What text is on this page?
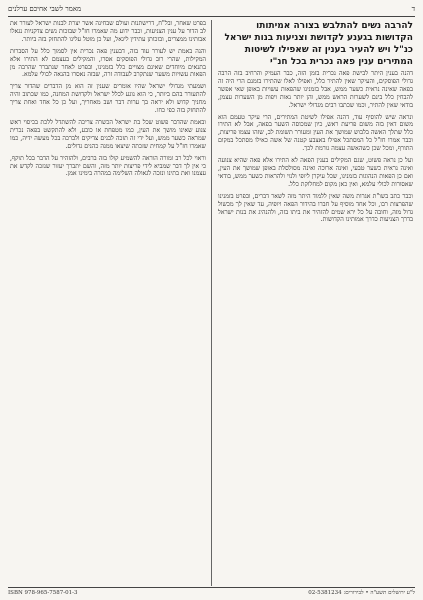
ד
מאמר לשבי אחיכם ערלנים

להרבה נשים להתלבש בצורה אמיתותו הקדושות בגענע לקדושת וצניעות בנות ישראל כנ"ל ויש להעיר בענין זה שאפילו לשיטות המתירים ענין פאה נכרית בכל חנ"י

דהנה בענין היתר לבישת פאה נכרית בזמן הזה, כבר העמיק והרחיב בזה הרבה גדולי הפוסקים, והעיקר שאין להתיר כלל, ואפילו לאלו שהתירו בזמנם הרי היה זה בפאה שאינה נראית כשער ממש, אבל בזמנינו שהפאות עשויות באופן שאי אפשר להבחין כלל בינם לשערות הראש ממש, והן יותר נאות ויפות מן השערות עצמן, בודאי שאין להתיר, וכמו שכתבו רבים מגדולי ישראל.

ונראה שיש להוסיף עוד, דהנה אפילו לשיטת המתירים, הרי עיקר טעמם הוא משום דאין בזה משום פריעת ראש, כיון שמכוסה השער בפאה, אבל לא התירו כלל שתלך האשה בלבוש שמושך את העין ומעורר תשומת לב, שזהו עצמו פריצות, וכבר אמרו חז"ל כל המסתכל אפילו באצבע קטנה של אשה כאילו מסתכל במקום התורף, ומכל שכן כשהאשה עצמה גורמת לכך.

ועל כן נראה פשוט, שגם המקילים בענין הפאה לא התירו אלא פאה שהיא צנועה ואינה נראית כשער טבעי, ואינה ארוכה ואינה מסולסלת באופן שמושך את העין, ואם כן הפאות הנהוגות בזמנינו, שכל עיקרן ליופי ולנוי ולהראות כשער ממש, בודאי שאסורות לכולי עלמא, ואין כאן מקום למחלוקת כלל.

וכבר כתב בשו"ת אגרות משה שאין ללמוד היתר מזה לשאר דברים, ובפרט בזמנינו שהפרצות רבו, וכל אחד מוסיף על חברו בהידור הפאה ויופיה, עד שאין לך מכשול גדול מזה, וחובה על כל ירא שמים להזהיר את ביתו בזה, ולהנהיג את בנות ישראל בדרך הצניעות כדרך אמותינו הקדושות.

בפרט שאחר, ובל"ח, דרישתנות ועולם שבחינה אשר יצרת לבנות ישראל לעורר את לב הדור על ענין הצניעות, וכבר ידוע מה שאמרו חז"ל שבזכות נשים צדקניות נגאלו אבותינו ממצרים, ובזכותן עתידין ליגאל, ועל כן מוטל עלינו להתחזק בזה ביותר.

והנה באמת יש לעורר עוד בזה, דבענין פאה נכרית אין לסמוך כלל על הסברות המקילות, שהרי רוב גדולי הפוסקים אסרו, והמקילים בעצמם לא התירו אלא בתנאים מיוחדים שאינם מצויים כלל בזמנינו, ובפרט לאחר שנתברר שהרבה מן הפאות עשויות משער שנתקרב לעבודה זרה, שבזה נאסרו בהנאה לכולי עלמא.

ושמעתי מגדולי ישראל שהיו אומרים שענין זה הוא מן הדברים שהדור צריך להתעורר בהם ביותר, כי הוא נוגע לכלל ישראל ולקדושת המחנה, כמו שכתוב והיה מחניך קדוש ולא יראה בך ערות דבר ושב מאחריך, ועל כן כל אחד ואחת צריך להתחזק בזה כפי כחו.

ובאמת שהדבר פשוט שכל בת ישראל הכשרה צריכה להשתדל ללכת בכיסוי ראש צנוע שאינו מושך את העין, כמו מטפחת או כובע, ולא להתקשט בפאה נכרית שמראה כשער ממש, ועל ידי זה תזכה לבנים צדיקים ולברכה בכל מעשה ידיה, כמו שאמרו חז"ל על קמחית שזכתה שיצאו ממנה כהנים גדולים.

וראוי לכל רב ומורה הוראה להשמיע קולו בזה ברבים, ולהזהיר על הדבר בכל תוקף, כי אין לך דבר שמביא לידי פריצות יותר מזה, והשם יתברך יעזור שנזכה לקדש את עצמנו ואת בתינו ונזכה לגאולה השלימה במהרה בימינו אמן.

ל"ע ירושלים תשע"ה • לבירורים: 02-5381234
ISBN 978-965-7587-01-3
